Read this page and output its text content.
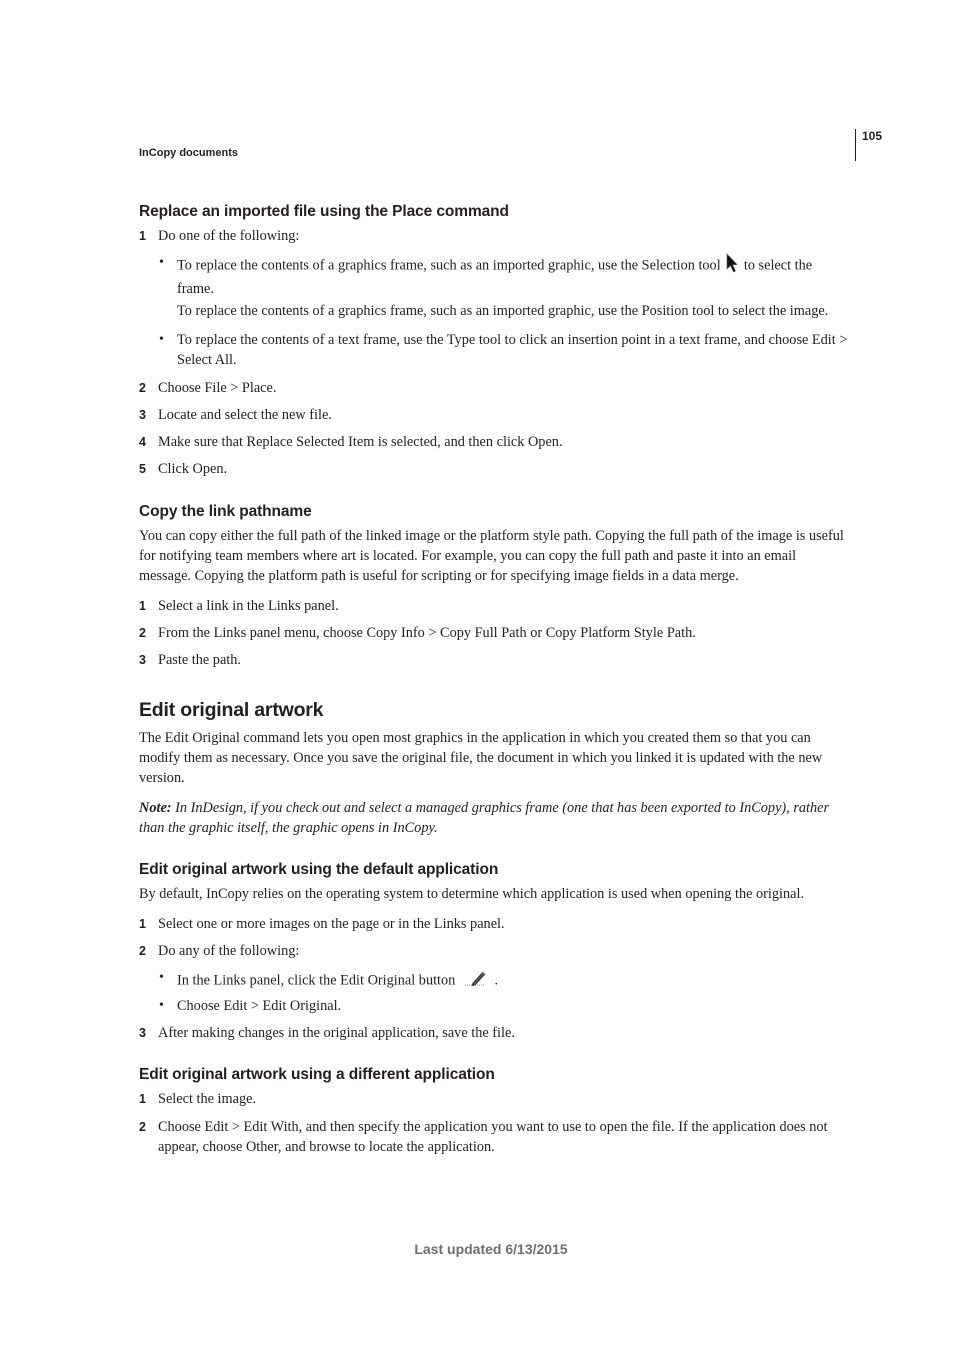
105
InCopy documents
Replace an imported file using the Place command
1 Do one of the following:
• To replace the contents of a graphics frame, such as an imported graphic, use the Selection tool to select the frame.
To replace the contents of a graphics frame, such as an imported graphic, use the Position tool to select the image.
• To replace the contents of a text frame, use the Type tool to click an insertion point in a text frame, and choose Edit > Select All.
2 Choose File > Place.
3 Locate and select the new file.
4 Make sure that Replace Selected Item is selected, and then click Open.
5 Click Open.
Copy the link pathname
You can copy either the full path of the linked image or the platform style path. Copying the full path of the image is useful for notifying team members where art is located. For example, you can copy the full path and paste it into an email message. Copying the platform path is useful for scripting or for specifying image fields in a data merge.
1 Select a link in the Links panel.
2 From the Links panel menu, choose Copy Info > Copy Full Path or Copy Platform Style Path.
3 Paste the path.
Edit original artwork
The Edit Original command lets you open most graphics in the application in which you created them so that you can modify them as necessary. Once you save the original file, the document in which you linked it is updated with the new version.
Note: In InDesign, if you check out and select a managed graphics frame (one that has been exported to InCopy), rather than the graphic itself, the graphic opens in InCopy.
Edit original artwork using the default application
By default, InCopy relies on the operating system to determine which application is used when opening the original.
1 Select one or more images on the page or in the Links panel.
2 Do any of the following:
• In the Links panel, click the Edit Original button	.
• Choose Edit > Edit Original.
3 After making changes in the original application, save the file.
Edit original artwork using a different application
1 Select the image.
2 Choose Edit > Edit With, and then specify the application you want to use to open the file. If the application does not appear, choose Other, and browse to locate the application.
Last updated 6/13/2015
